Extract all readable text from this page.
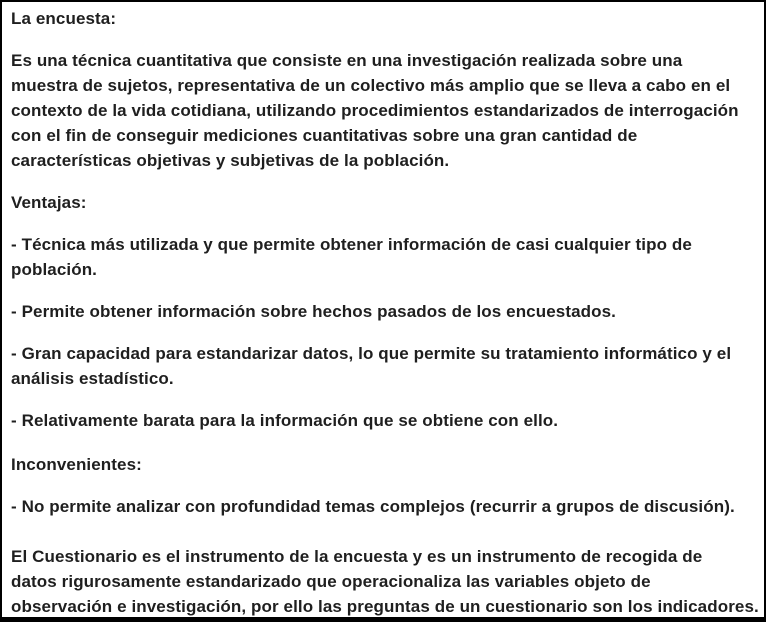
La encuesta:

Es una técnica cuantitativa que consiste en una investigación realizada sobre una
muestra de sujetos, representativa de un colectivo más amplio que se lleva a cabo en el
contexto de la vida cotidiana, utilizando procedimientos estandarizados de interrogación
con el fin de conseguir mediciones cuantitativas sobre una gran cantidad de
características objetivas y subjetivas de la población.

Ventajas:

- Técnica más utilizada y que permite obtener información de casi cualquier tipo de
población.

- Permite obtener información sobre hechos pasados de los encuestados.

- Gran capacidad para estandarizar datos, lo que permite su tratamiento informático y el
análisis estadístico.

- Relativamente barata para la información que se obtiene con ello.

Inconvenientes:

- No permite analizar con profundidad temas complejos (recurrir a grupos de discusión).

El Cuestionario es el instrumento de la encuesta y es un instrumento de recogida de
datos rigurosamente estandarizado que operacionaliza las variables objeto de
observación e investigación, por ello las preguntas de un cuestionario son los indicadores.
